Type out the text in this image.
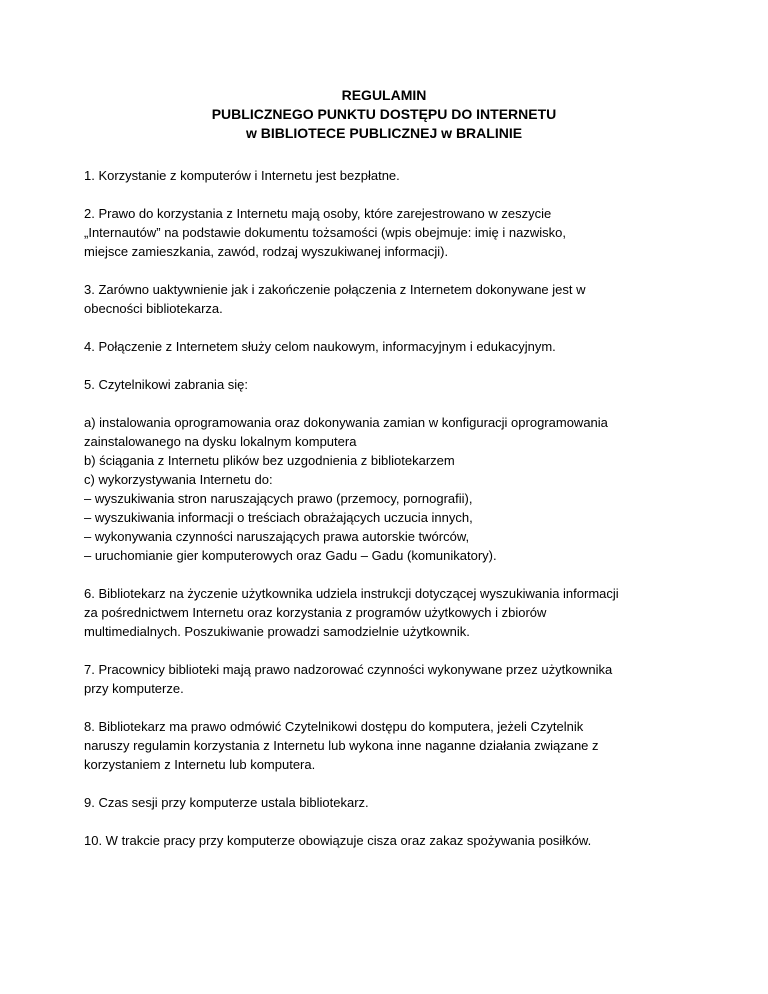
REGULAMIN
PUBLICZNEGO PUNKTU DOSTĘPU DO INTERNETU
w BIBLIOTECE PUBLICZNEJ w BRALINIE

1. Korzystanie z komputerów i Internetu jest bezpłatne.

2. Prawo do korzystania z Internetu mają osoby, które zarejestrowano w zeszycie
„Internautów” na podstawie dokumentu tożsamości (wpis obejmuje: imię i nazwisko,
miejsce zamieszkania, zawód, rodzaj wyszukiwanej informacji).

3. Zarówno uaktywnienie jak i zakończenie połączenia z Internetem dokonywane jest w
obecności bibliotekarza.

4. Połączenie z Internetem służy celom naukowym, informacyjnym i edukacyjnym.

5. Czytelnikowi zabrania się:

a) instalowania oprogramowania oraz dokonywania zamian w konfiguracji oprogramowania
zainstalowanego na dysku lokalnym komputera
b) ściągania z Internetu plików bez uzgodnienia z bibliotekarzem
c) wykorzystywania Internetu do:
– wyszukiwania stron naruszających prawo (przemocy, pornografii),
– wyszukiwania informacji o treściach obrażających uczucia innych,
– wykonywania czynności naruszających prawa autorskie twórców,
– uruchomianie gier komputerowych oraz Gadu – Gadu (komunikatory).

6. Bibliotekarz na życzenie użytkownika udziela instrukcji dotyczącej wyszukiwania informacji
za pośrednictwem Internetu oraz korzystania z programów użytkowych i zbiorów
multimedialnych. Poszukiwanie prowadzi samodzielnie użytkownik.

7. Pracownicy biblioteki mają prawo nadzorować czynności wykonywane przez użytkownika
przy komputerze.

8. Bibliotekarz ma prawo odmówić Czytelnikowi dostępu do komputera, jeżeli Czytelnik
naruszy regulamin korzystania z Internetu lub wykona inne naganne działania związane z
korzystaniem z Internetu lub komputera.

9. Czas sesji przy komputerze ustala bibliotekarz.

10. W trakcie pracy przy komputerze obowiązuje cisza oraz zakaz spożywania posiłków.
